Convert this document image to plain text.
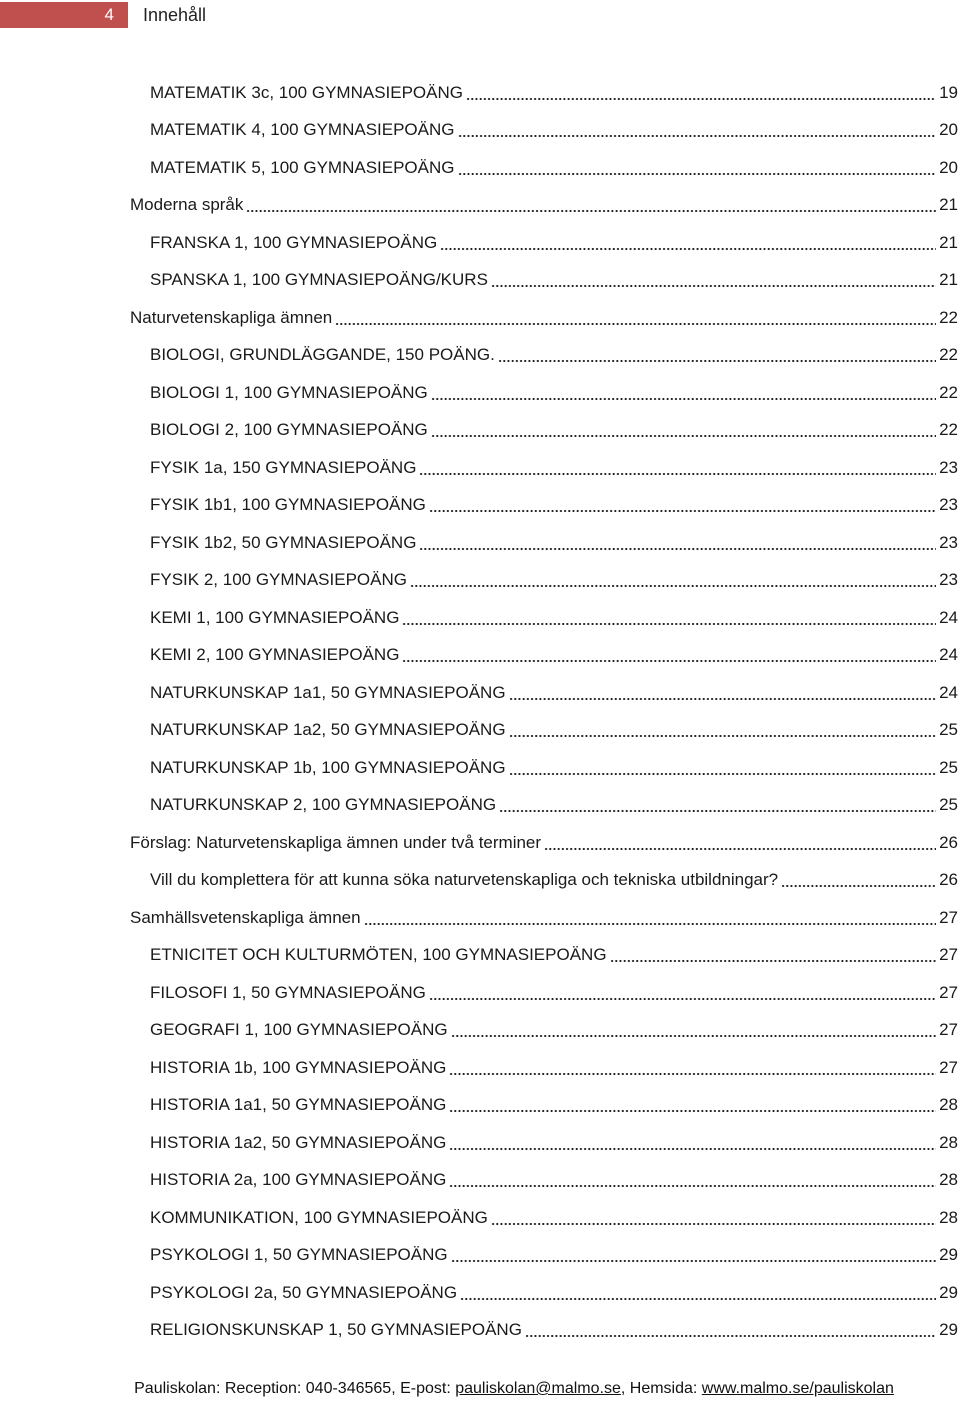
4	Innehåll
MATEMATIK 3c, 100 GYMNASIEPOÄNG	19
MATEMATIK 4, 100 GYMNASIEPOÄNG	20
MATEMATIK 5, 100 GYMNASIEPOÄNG	20
Moderna språk	21
FRANSKA 1, 100 GYMNASIEPOÄNG	21
SPANSKA 1, 100 GYMNASIEPOÄNG/KURS	21
Naturvetenskapliga ämnen	22
BIOLOGI, GRUNDLÄGGANDE, 150 POÄNG.	22
BIOLOGI 1, 100 GYMNASIEPOÄNG	22
BIOLOGI 2, 100 GYMNASIEPOÄNG	22
FYSIK 1a, 150 GYMNASIEPOÄNG	23
FYSIK 1b1, 100 GYMNASIEPOÄNG	23
FYSIK 1b2, 50 GYMNASIEPOÄNG	23
FYSIK 2, 100 GYMNASIEPOÄNG	23
KEMI 1, 100 GYMNASIEPOÄNG	24
KEMI 2, 100 GYMNASIEPOÄNG	24
NATURKUNSKAP 1a1, 50 GYMNASIEPOÄNG	24
NATURKUNSKAP 1a2, 50 GYMNASIEPOÄNG	25
NATURKUNSKAP 1b, 100 GYMNASIEPOÄNG	25
NATURKUNSKAP 2, 100 GYMNASIEPOÄNG	25
Förslag: Naturvetenskapliga ämnen under två terminer	26
Vill du komplettera för att kunna söka naturvetenskapliga och tekniska utbildningar?	26
Samhällsvetenskapliga ämnen	27
ETNICITET OCH KULTURMÖTEN, 100 GYMNASIEPOÄNG	27
FILOSOFI 1, 50 GYMNASIEPOÄNG	27
GEOGRAFI 1, 100 GYMNASIEPOÄNG	27
HISTORIA 1b, 100 GYMNASIEPOÄNG	27
HISTORIA 1a1, 50 GYMNASIEPOÄNG	28
HISTORIA 1a2, 50 GYMNASIEPOÄNG	28
HISTORIA 2a, 100 GYMNASIEPOÄNG	28
KOMMUNIKATION, 100 GYMNASIEPOÄNG	28
PSYKOLOGI 1, 50 GYMNASIEPOÄNG	29
PSYKOLOGI 2a, 50 GYMNASIEPOÄNG	29
RELIGIONSKUNSKAP 1, 50 GYMNASIEPOÄNG	29
Pauliskolan: Reception: 040-346565, E-post: pauliskolan@malmo.se, Hemsida: www.malmo.se/pauliskolan
